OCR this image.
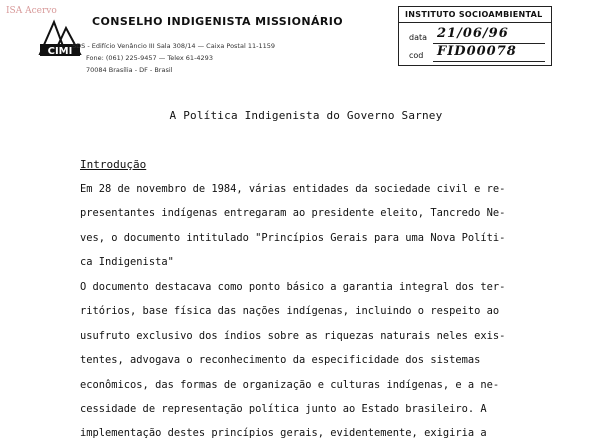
ISA Acervo
CIMI
CONSELHO INDIGENISTA MISSIONÁRIO
SDS - Edifício Venâncio III Sala 308/14 — Caixa Postal 11-1159
Fone: (061) 225-9457 — Telex 61-4293
70084 Brasília - DF - Brasil
INSTITUTO SOCIOAMBIENTAL
data 21/06/96
cod FID00078
A Política Indigenista do Governo Sarney
Introdução
Em 28 de novembro de 1984, várias entidades da sociedade civil e re-
presentantes indígenas entregaram ao presidente eleito, Tancredo Ne-
ves, o documento intitulado "Princípios Gerais para uma Nova Políti-
ca Indigenista"
O documento destacava como ponto básico a garantia integral dos ter-
ritórios, base física das nações indígenas, incluindo o respeito ao
usufruto exclusivo dos índios sobre as riquezas naturais neles exis-
tentes, advogava o reconhecimento da especificidade dos sistemas
econômicos, das formas de organização e culturas indígenas, e a ne-
cessidade de representação política junto ao Estado brasileiro. A
implementação destes princípios gerais, evidentemente, exigiria a
